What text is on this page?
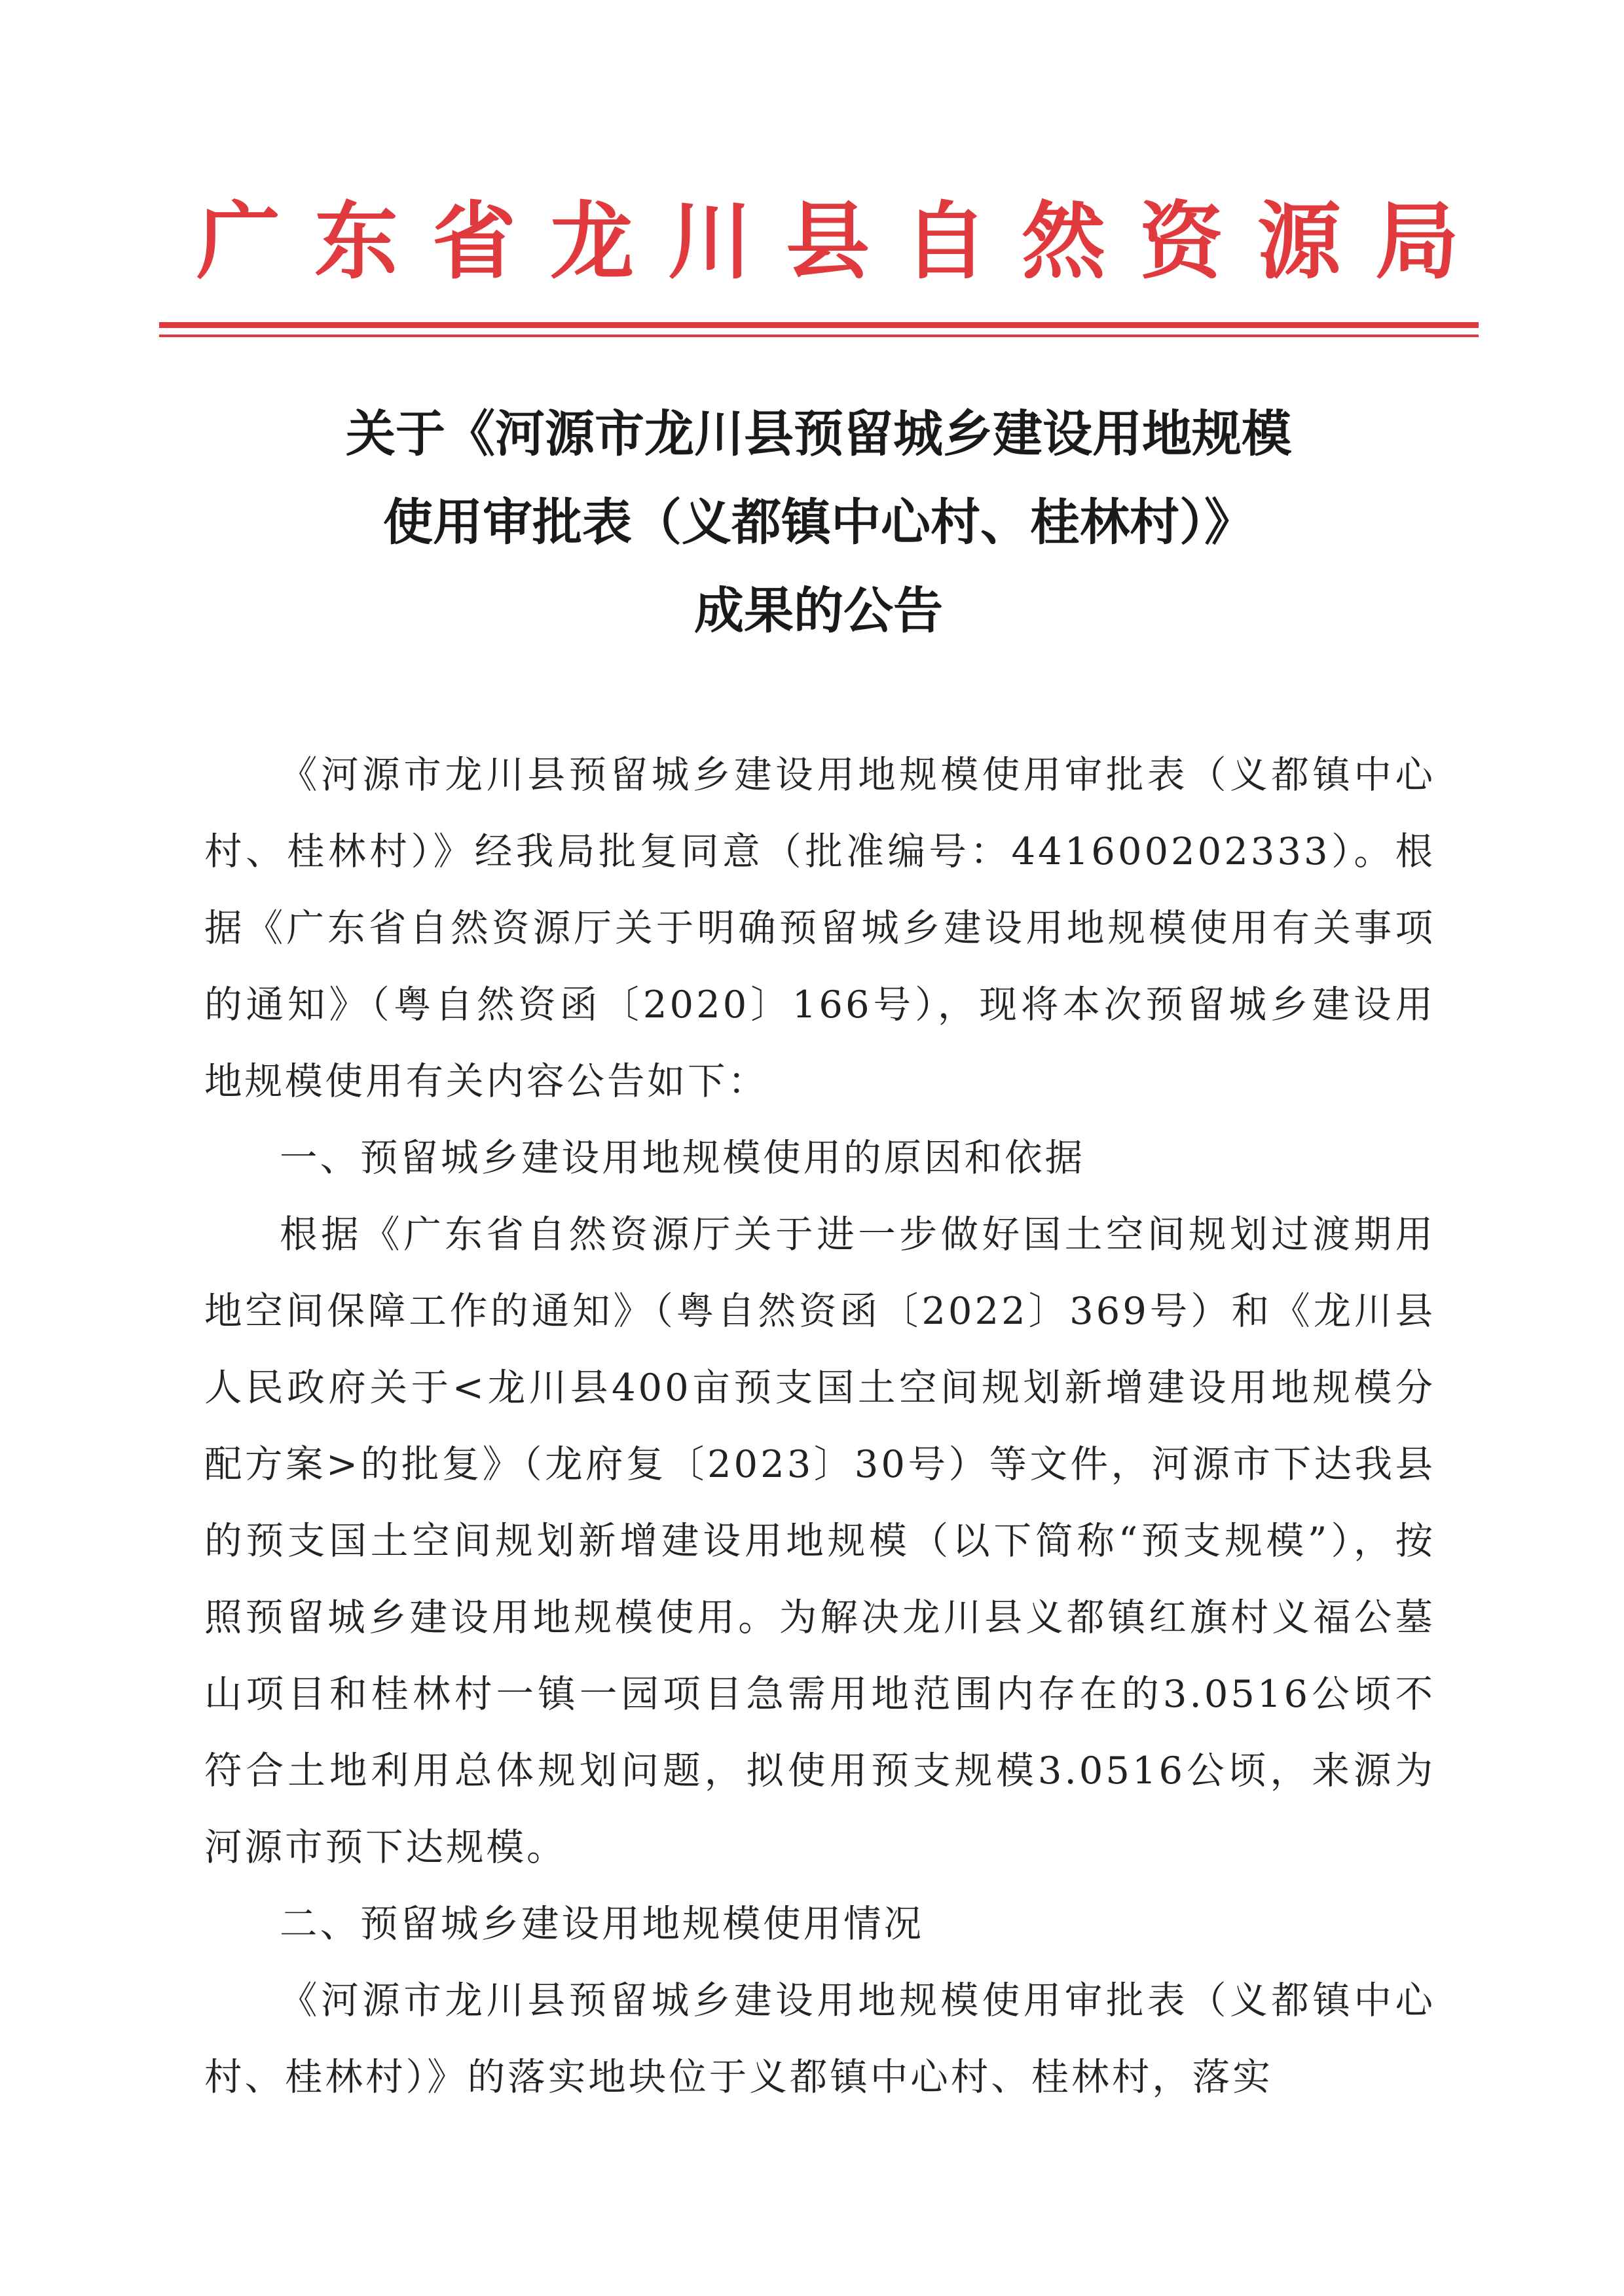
广东省龙川县自然资源局
关于《河源市龙川县预留城乡建设用地规模
使用审批表（义都镇中心村、桂林村）》
成果的公告

《河源市龙川县预留城乡建设用地规模使用审批表（义都镇中心村、桂林村）》经我局批复同意（批准编号：441600202333）。根据《广东省自然资源厅关于明确预留城乡建设用地规模使用有关事项的通知》（粤自然资函〔2020〕166号），现将本次预留城乡建设用地规模使用有关内容公告如下：

一、预留城乡建设用地规模使用的原因和依据

根据《广东省自然资源厅关于进一步做好国土空间规划过渡期用地空间保障工作的通知》（粤自然资函〔2022〕369号）和《龙川县人民政府关于<龙川县400亩预支国土空间规划新增建设用地规模分配方案>的批复》（龙府复〔2023〕30号）等文件，河源市下达我县的预支国土空间规划新增建设用地规模（以下简称“预支规模”），按照预留城乡建设用地规模使用。为解决龙川县义都镇红旗村义福公墓山项目和桂林村一镇一园项目急需用地范围内存在的3.0516公顷不符合土地利用总体规划问题，拟使用预支规模3.0516公顷，来源为河源市预下达规模。

二、预留城乡建设用地规模使用情况

《河源市龙川县预留城乡建设用地规模使用审批表（义都镇中心村、桂林村）》的落实地块位于义都镇中心村、桂林村，落实
